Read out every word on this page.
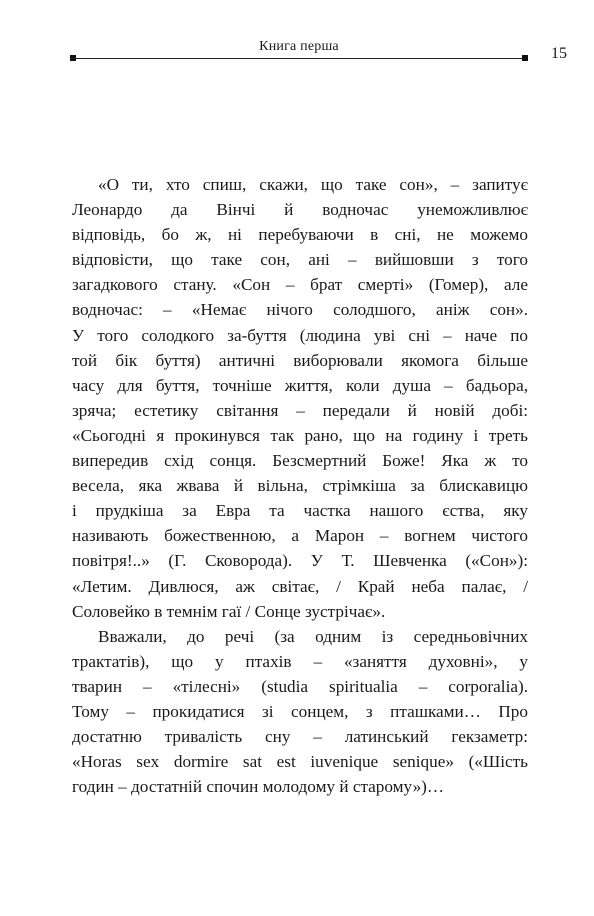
Книга перша	15
«О ти, хто спиш, скажи, що таке сон», – запитує
Леонардо да Вінчі й водночас унеможливлює
відповідь, бо ж, ні перебуваючи в сні, не можемо
відповісти, що таке сон, ані – вийшовши з того
загадкового стану. «Сон – брат смерті» (Гомер), але
водночас: – «Немає нічого солодшого, аніж сон».
У того солодкого за-буття (людина уві сні – наче по
той бік буття) античні виборювали якомога більше
часу для буття, точніше життя, коли душа – бадьора,
зряча; естетику світання – передали й новій добі:
«Сьогодні я прокинувся так рано, що на годину і треть
випередив схід сонця. Безсмертний Боже! Яка ж то
весела, яка жвава й вільна, стрімкіша за блискавицю
і прудкіша за Евра та частка нашого єства, яку
називають божественною, а Марон – вогнем чистого
повітря!..» (Г. Сковорода). У Т. Шевченка («Сон»):
«Летим. Дивлюся, аж світає, / Край неба палає, /
Соловейко в темнім гаї / Сонце зустрічає».
Вважали, до речі (за одним із середньовічних
трактатів), що у птахів – «заняття духовні», у
тварин – «тілесні» (studia spiritualia – corporalia).
Тому – прокидатися зі сонцем, з пташками… Про
достатню тривалість сну – латинський гекзаметр:
«Horas sex dormire sat est iuvenique senique» («Шість
годин – достатній спочин молодому й старому»)…
